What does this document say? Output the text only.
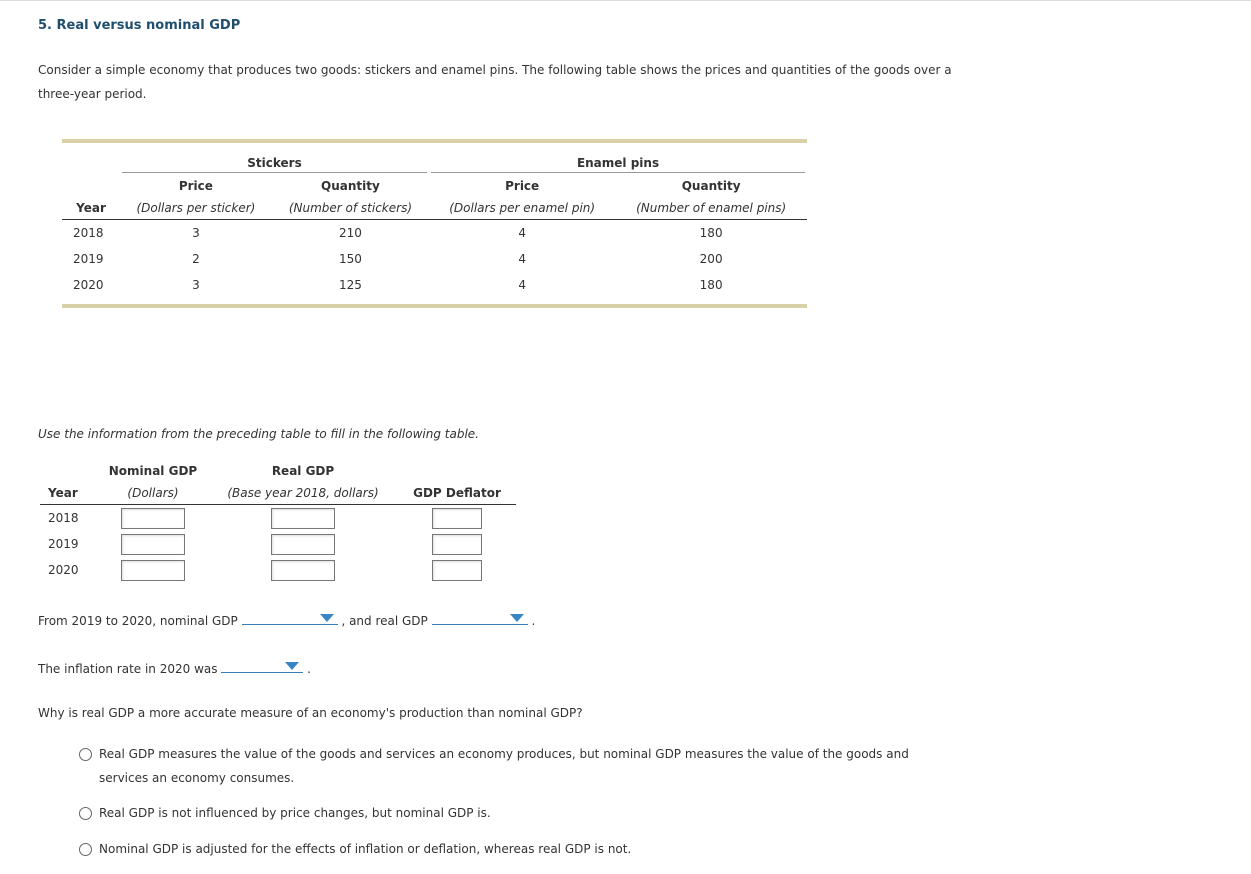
5. Real versus nominal GDP
Consider a simple economy that produces two goods: stickers and enamel pins. The following table shows the prices and quantities of the goods over a three-year period.

	Stickers		Enamel pins	

	Price	Quantity	Price	Quantity
Year	(Dollars per sticker)	(Number of stickers)	(Dollars per enamel pin)	(Number of enamel pins)
2018	3	210	4	180
2019	2	150	4	200
2020	3	125	4	180
Use the information from the preceding table to fill in the following table.
	Nominal GDP	Real GDP	
Year	(Dollars)	(Base year 2018, dollars)	GDP Deflator
2018			
2019			
2020			
From 2019 to 2020, nominal GDP	, and real GDP	.
The inflation rate in 2020 was	.
Why is real GDP a more accurate measure of an economy's production than nominal GDP?
Real GDP measures the value of the goods and services an economy produces, but nominal GDP measures the value of the goods and services an economy consumes.
Real GDP is not influenced by price changes, but nominal GDP is.
Nominal GDP is adjusted for the effects of inflation or deflation, whereas real GDP is not.
